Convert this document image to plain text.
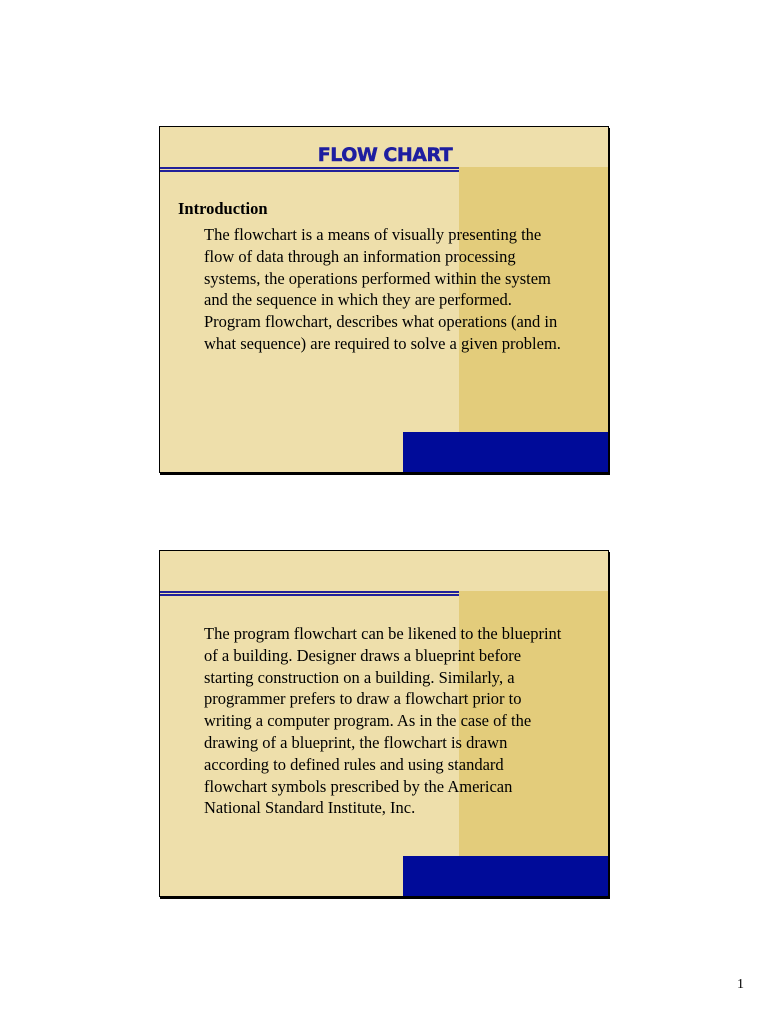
FLOW CHART
Introduction

The flowchart is a means of visually presenting the
flow of data through an information processing
systems, the operations performed within the system
and the sequence in which they are performed.
Program flowchart, describes what operations (and in
what sequence) are required to solve a given problem.

The program flowchart can be likened to the blueprint
of a building. Designer draws a blueprint before
starting construction on a building. Similarly, a
programmer prefers to draw a flowchart prior to
writing a computer program. As in the case of the
drawing of a blueprint, the flowchart is drawn
according to defined rules and using standard
flowchart symbols prescribed by the American
National Standard Institute, Inc.

1
